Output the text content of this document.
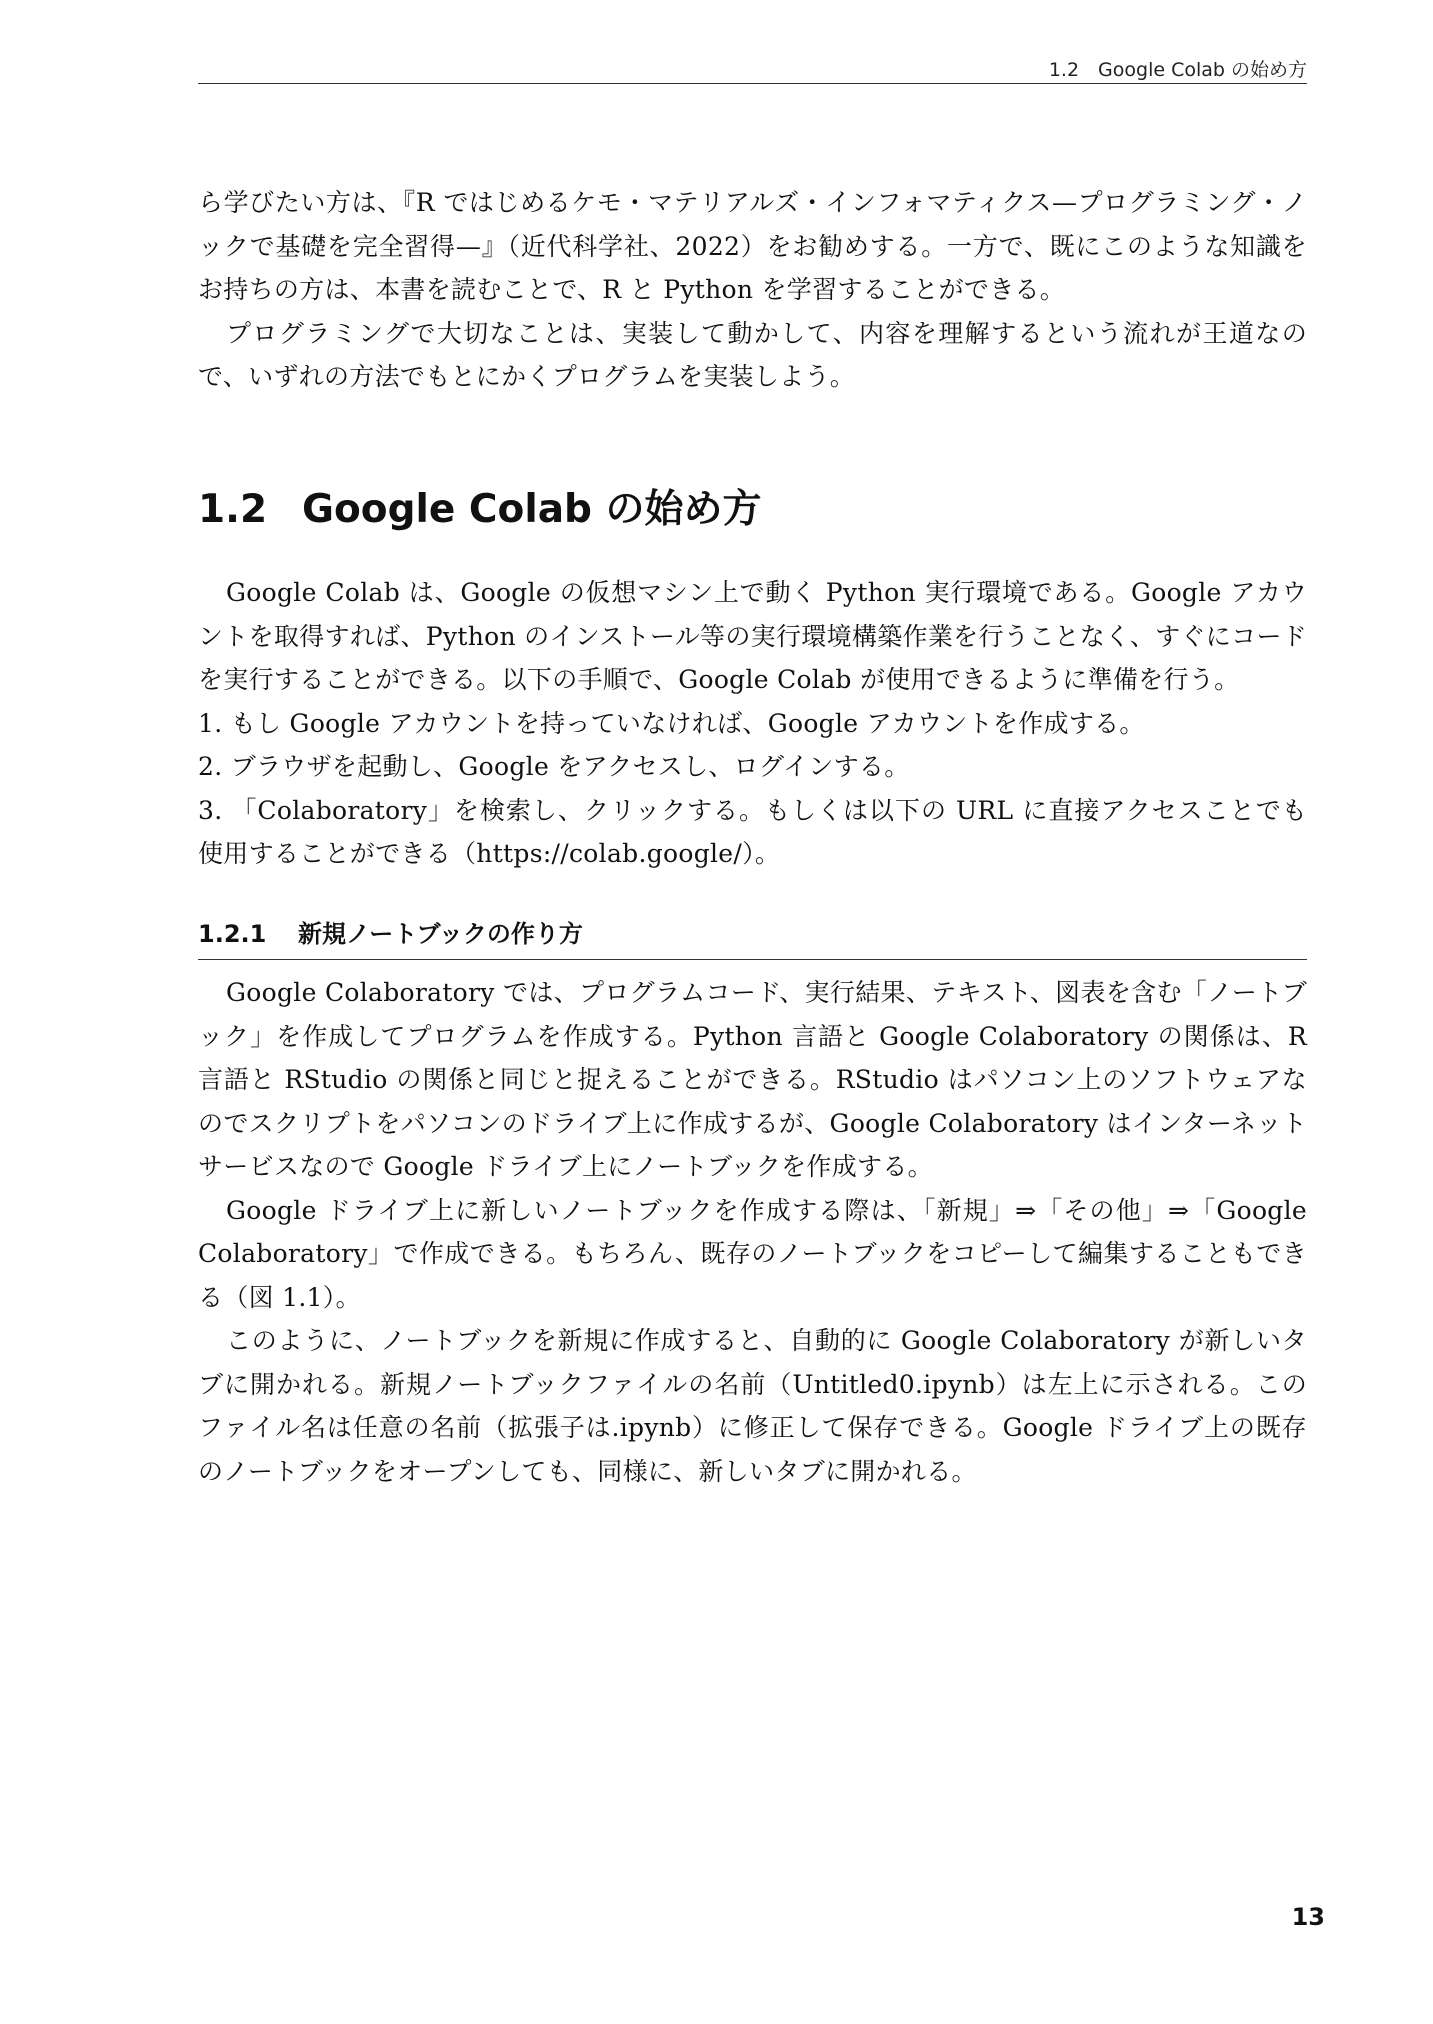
1.2　Google Colab の始め方

ら学びたい方は、『R ではじめるケモ・マテリアルズ・インフォマティクス—プログラミング・ノックで基礎を完全習得—』（近代科学社、2022）をお勧めする。一方で、既にこのような知識をお持ちの方は、本書を読むことで、R と Python を学習することができる。

プログラミングで大切なことは、実装して動かして、内容を理解するという流れが王道なので、いずれの方法でもとにかくプログラムを実装しよう。

1.2 Google Colab の始め方

Google Colab は、Google の仮想マシン上で動く Python 実行環境である。Google アカウントを取得すれば、Python のインストール等の実行環境構築作業を行うことなく、すぐにコードを実行することができる。以下の手順で、Google Colab が使用できるように準備を行う。

1. もし Google アカウントを持っていなければ、Google アカウントを作成する。

2. ブラウザを起動し、Google をアクセスし、ログインする。

3. 「Colaboratory」を検索し、クリックする。もしくは以下の URL に直接アクセスことでも使用することができる（https://colab.google/）。

1.2.1 新規ノートブックの作り方

Google Colaboratory では、プログラムコード、実行結果、テキスト、図表を含む「ノートブック」を作成してプログラムを作成する。Python 言語と Google Colaboratory の関係は、R 言語と RStudio の関係と同じと捉えることができる。RStudio はパソコン上のソフトウェアなのでスクリプトをパソコンのドライブ上に作成するが、Google Colaboratory はインターネットサービスなので Google ドライブ上にノートブックを作成する。

Google ドライブ上に新しいノートブックを作成する際は、「新規」⇒「その他」⇒「Google Colaboratory」で作成できる。もちろん、既存のノートブックをコピーして編集することもできる（図 1.1）。

このように、ノートブックを新規に作成すると、自動的に Google Colaboratory が新しいタブに開かれる。新規ノートブックファイルの名前（Untitled0.ipynb）は左上に示される。このファイル名は任意の名前（拡張子は.ipynb）に修正して保存できる。Google ドライブ上の既存のノートブックをオープンしても、同様に、新しいタブに開かれる。

13
